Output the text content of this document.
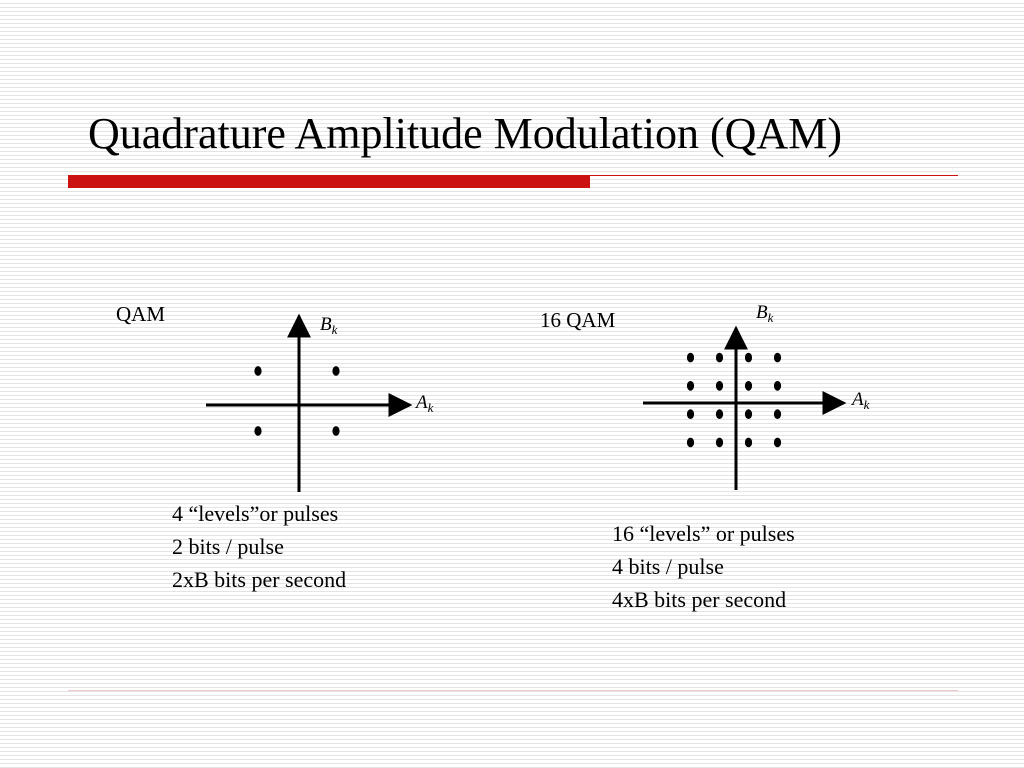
Quadrature Amplitude Modulation (QAM)
QAM	$B_k$
$A_k$
4 “levels”or pulses
2 bits / pulse
2xB bits per second
16 QAM	$B_k$
$A_k$
16 “levels” or pulses
4 bits / pulse
4xB bits per second
